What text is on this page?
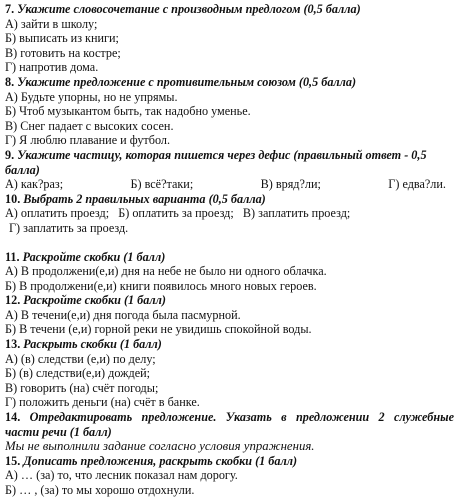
7. Укажите словосочетание с производным предлогом (0,5 балла)
А) зайти в школу;
Б) выписать из книги;
В) готовить на костре;
Г) напротив дома.
8. Укажите предложение с противительным союзом (0,5 балла)
А) Будьте упорны, но не упрямы.
Б) Чтоб музыкантом быть, так надобно уменье.
В) Снег падает с высоких сосен.
Г) Я люблю плавание и футбол.
9. Укажите частицу, которая пишется через дефис (правильный ответ - 0,5
балла)
А) как?раз;	Б) всё?таки;	В) вряд?ли;	Г) едва?ли.
10. Выбрать 2 правильных варианта (0,5 балла)
А) оплатить проезд; Б) оплатить за проезд; В) заплатить проезд;
Г) заплатить за проезд.
11. Раскройте скобки (1 балл)
А) В продолжени(е,и) дня на небе не было ни одного облачка.
Б) В продолжени(е,и) книги появилось много новых героев.
12. Раскройте скобки (1 балл)
А) В течени(е,и) дня погода была пасмурной.
Б) В течени (е,и) горной реки не увидишь спокойной воды.
13. Раскрыть скобки (1 балл)
А) (в) следстви (е,и) по делу;
Б) (в) следстви(е,и) дождей;
В) говорить (на) счёт погоды;
Г) положить деньги (на) счёт в банке.
14. Отредактировать предложение. Указать в предложении 2 служебные
части речи (1 балл)
Мы не выполнили задание согласно условия упражнения.
15. Дописать предложения, раскрыть скобки (1 балл)
А) … (за) то, что лесник показал нам дорогу.
Б) … , (за) то мы хорошо отдохнули.
